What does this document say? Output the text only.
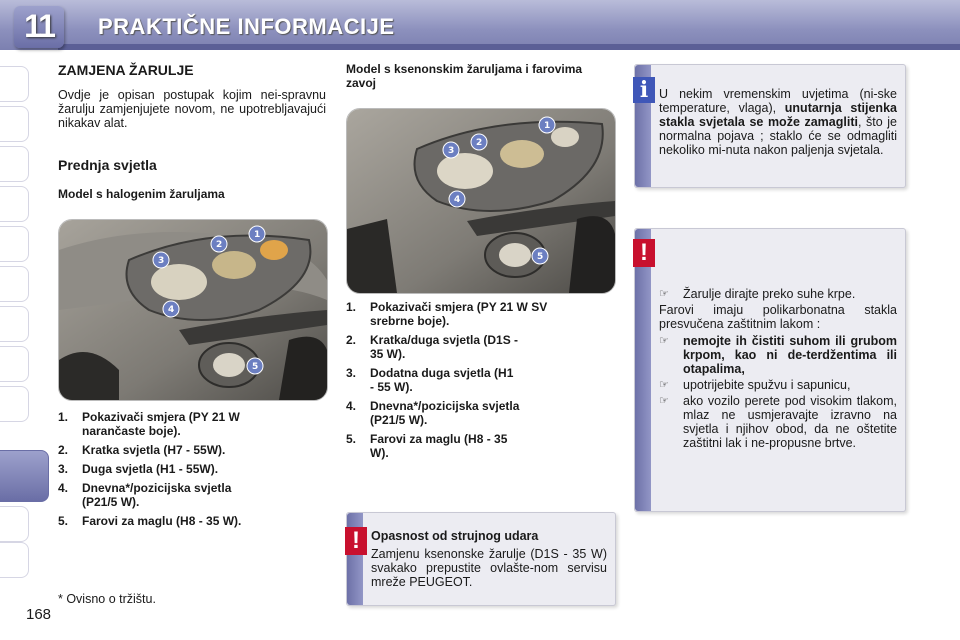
11	PRAKTIČNE INFORMACIJE
ZAMJENA ŽARULJE
Ovdje je opisan postupak kojim nei-spravnu žarulju zamjenjujete novom, ne upotrebljavajući nikakav alat.
Prednja svjetla
Model s halogenim žaruljama
1
2
3
4
5
1.	Pokazivači smjera (PY 21 W narančaste boje).
2.	Kratka svjetla (H7 - 55W).
3.	Duga svjetla (H1 - 55W).
4.	Dnevna*/pozicijska svjetla (P21/5 W).
5.	Farovi za maglu (H8 - 35 W).
* Ovisno o tržištu.
168
Model s ksenonskim žaruljama i farovima zavoj
1
2
3
4
5
1.	Pokazivači smjera (PY 21 W SV srebrne boje).
2.	Kratka/duga svjetla (D1S - 35 W).
3.	Dodatna duga svjetla (H1 - 55 W).
4.	Dnevna*/pozicijska svjetla (P21/5 W).
5.	Farovi za maglu (H8 - 35 W).
! Opasnost od strujnog udara
Zamjenu ksenonske žarulje (D1S - 35 W) svakako prepustite ovlašte-nom servisu mreže PEUGEOT.
i U nekim vremenskim uvjetima (ni-ske temperature, vlaga), unutarnja stijenka stakla svjetala se može zamagliti, što je normalna pojava ; staklo će se odmagliti nekoliko mi-nuta nakon paljenja svjetala.
!
☞	Žarulje dirajte preko suhe krpe.
Farovi imaju polikarbonatna stakla presvučena zaštitnim lakom :
☞	nemojte ih čistiti suhom ili grubom krpom, kao ni de-terdžentima ili otapalima,
☞	upotrijebite spužvu i sapunicu,
☞	ako vozilo perete pod visokim tlakom, mlaz ne usmjeravajte izravno na svjetla i njihov obod, da ne oštetite zaštitni lak i ne-propusne brtve.
